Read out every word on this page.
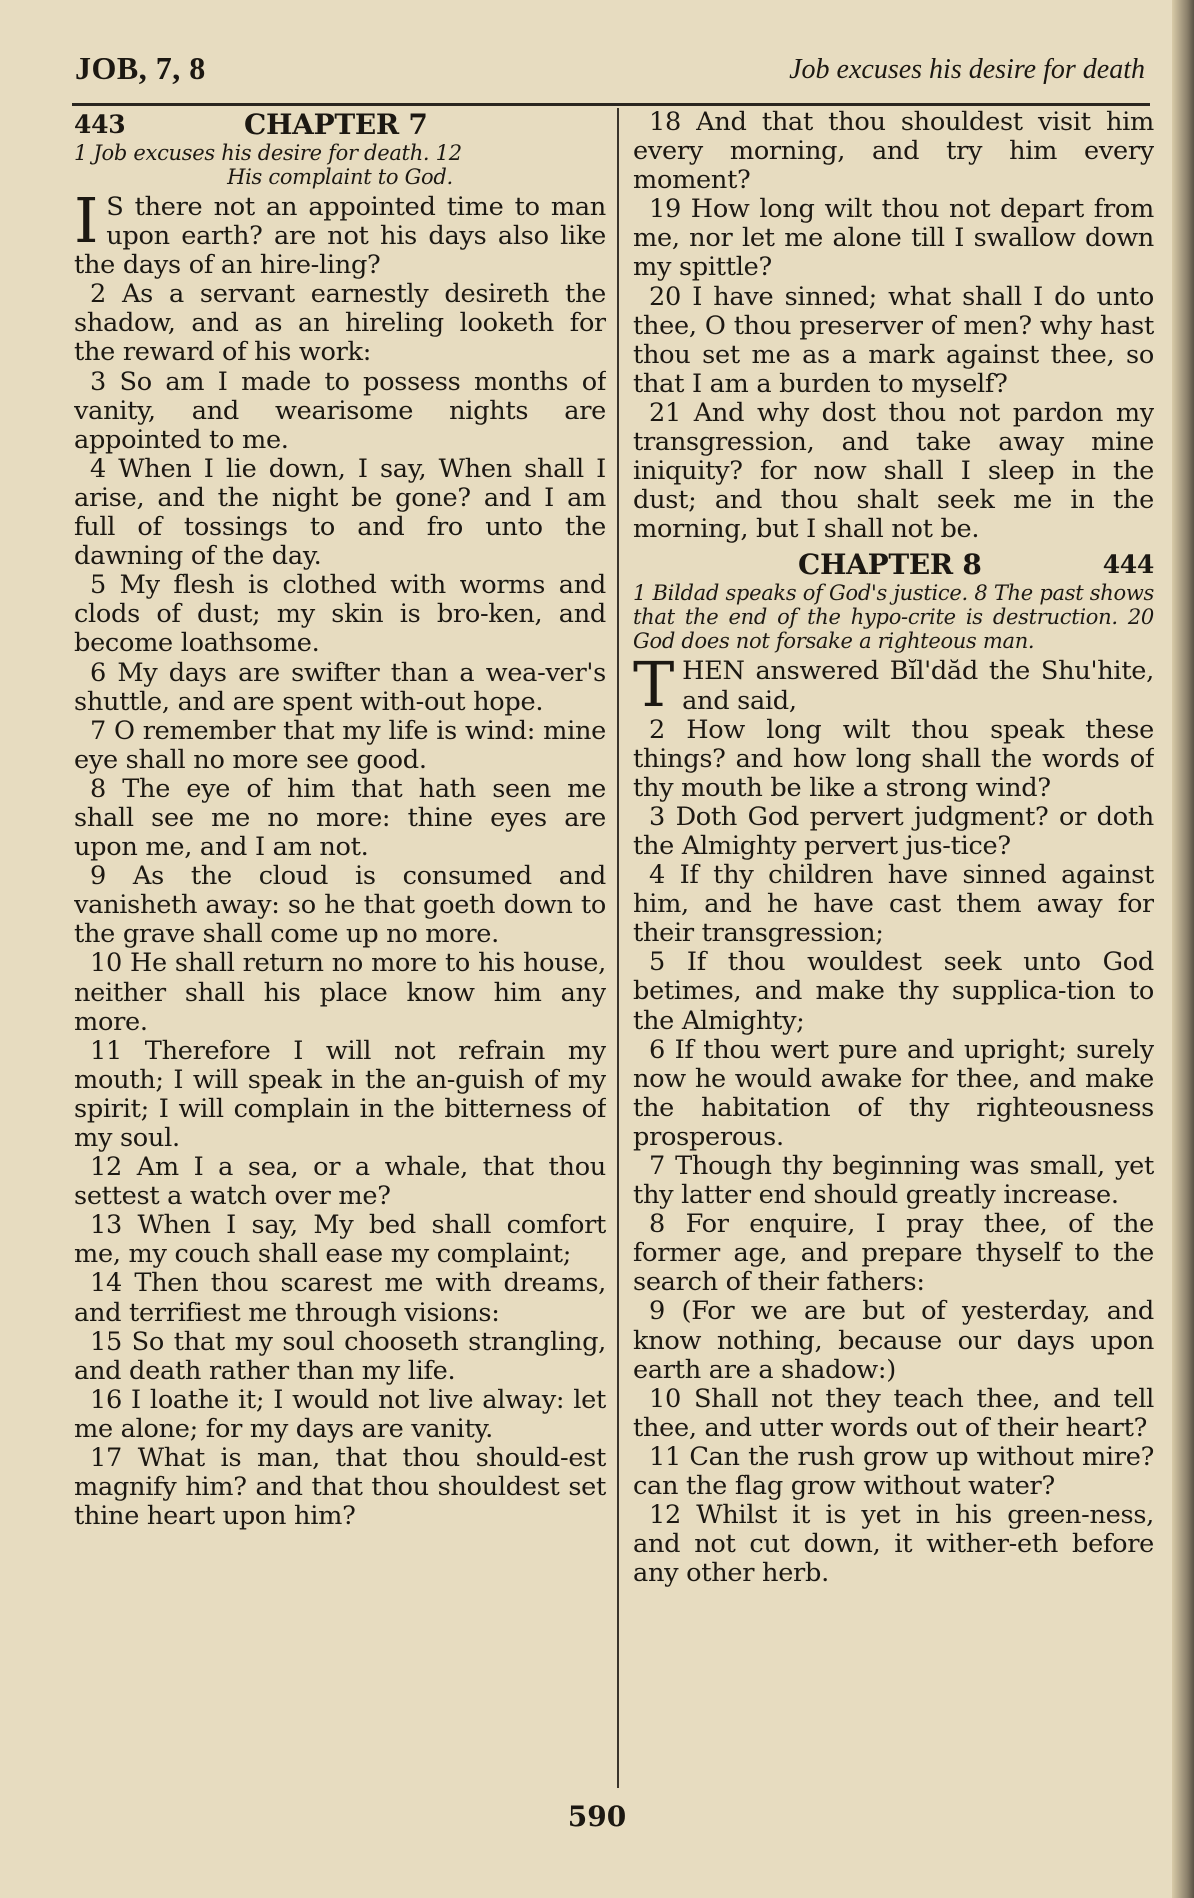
JOB, 7, 8	Job excuses his desire for death
443	CHAPTER 7
1 Job excuses his desire for death. 12
His complaint to God.

I S there not an appointed time to man upon earth? are not his days also like the days of an hire-ling?

2 As a servant earnestly desireth the shadow, and as an hireling looketh for the reward of his work:

3 So am I made to possess months of vanity, and wearisome nights are appointed to me.

4 When I lie down, I say, When shall I arise, and the night be gone? and I am full of tossings to and fro unto the dawning of the day.

5 My flesh is clothed with worms and clods of dust; my skin is bro-ken, and become loathsome.

6 My days are swifter than a wea-ver's shuttle, and are spent with-out hope.

7 O remember that my life is wind: mine eye shall no more see good.

8 The eye of him that hath seen me shall see me no more: thine eyes are upon me, and I am not.

9 As the cloud is consumed and vanisheth away: so he that goeth down to the grave shall come up no more.

10 He shall return no more to his house, neither shall his place know him any more.

11 Therefore I will not refrain my mouth; I will speak in the an-guish of my spirit; I will complain in the bitterness of my soul.

12 Am I a sea, or a whale, that thou settest a watch over me?

13 When I say, My bed shall comfort me, my couch shall ease my complaint;

14 Then thou scarest me with dreams, and terrifiest me through visions:

15 So that my soul chooseth strangling, and death rather than my life.

16 I loathe it; I would not live alway: let me alone; for my days are vanity.

17 What is man, that thou should-est magnify him? and that thou shouldest set thine heart upon him?

18 And that thou shouldest visit him every morning, and try him every moment?

19 How long wilt thou not depart from me, nor let me alone till I swallow down my spittle?

20 I have sinned; what shall I do unto thee, O thou preserver of men? why hast thou set me as a mark against thee, so that I am a burden to myself?

21 And why dost thou not pardon my transgression, and take away mine iniquity? for now shall I sleep in the dust; and thou shalt seek me in the morning, but I shall not be.

CHAPTER 8	444
1 Bildad speaks of God's justice. 8 The past shows that the end of the hypo-crite is destruction. 20 God does not forsake a righteous man.

THEN answered Bĭl'dăd the Shu'hite, and said,

2 How long wilt thou speak these things? and how long shall the words of thy mouth be like a strong wind?

3 Doth God pervert judgment? or doth the Almighty pervert jus-tice?

4 If thy children have sinned against him, and he have cast them away for their transgression;

5 If thou wouldest seek unto God betimes, and make thy supplica-tion to the Almighty;

6 If thou wert pure and upright; surely now he would awake for thee, and make the habitation of thy righteousness prosperous.

7 Though thy beginning was small, yet thy latter end should greatly increase.

8 For enquire, I pray thee, of the former age, and prepare thyself to the search of their fathers:

9 (For we are but of yesterday, and know nothing, because our days upon earth are a shadow:)

10 Shall not they teach thee, and tell thee, and utter words out of their heart?

11 Can the rush grow up without mire? can the flag grow without water?

12 Whilst it is yet in his green-ness, and not cut down, it wither-eth before any other herb.

590
